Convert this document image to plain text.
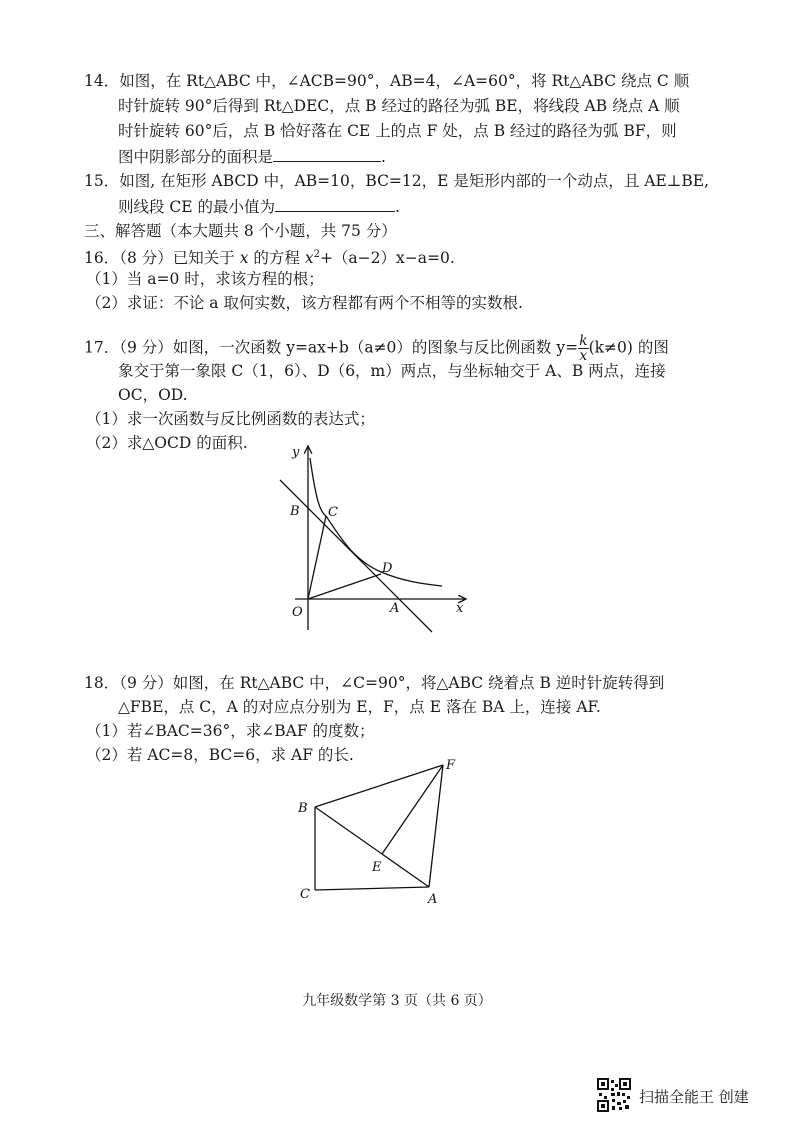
14．如图，在 Rt△ABC 中，∠ACB=90°，AB=4，∠A=60°，将 Rt△ABC 绕点 C 顺
时针旋转 90°后得到 Rt△DEC，点 B 经过的路径为弧 BE，将线段 AB 绕点 A 顺
时针旋转 60°后，点 B 恰好落在 CE 上的点 F 处，点 B 经过的路径为弧 BF，则
图中阴影部分的面积是	.
15．如图, 在矩形 ABCD 中，AB=10，BC=12，E 是矩形内部的一个动点，且 AE⊥BE,
则线段 CE 的最小值为	.
三、解答题（本大题共 8 个小题，共 75 分）
16．（8 分）已知关于 x 的方程 $x^2+(a-2)x-a=0$.
（1）当 a=0 时，求该方程的根；
（2）求证：不论 a 取何实数，该方程都有两个不相等的实数根.
17．（9 分）如图，一次函数 y=ax+b（a≠0）的图象与反比例函数 $y= \frac{k}{x} (k\ne 0)$ 的图
象交于第一象限 C（1，6）、D（6，m）两点，与坐标轴交于 A、B 两点，连接
OC，OD.
（1）求一次函数与反比例函数的表达式；
（2）求△OCD 的面积.
y
x
O	A
B C
D
18．（9 分）如图，在 Rt△ABC 中，∠C=90°，将△ABC 绕着点 B 逆时针旋转得到
△FBE，点 C，A 的对应点分别为 E，F，点 E 落在 BA 上，连接 AF.
（1）若∠BAC=36°，求∠BAF 的度数；
（2）若 AC=8，BC=6，求 AF 的长.
B
C	A
E
F
九年级数学第 3 页（共 6 页）
扫描全能王 创建
